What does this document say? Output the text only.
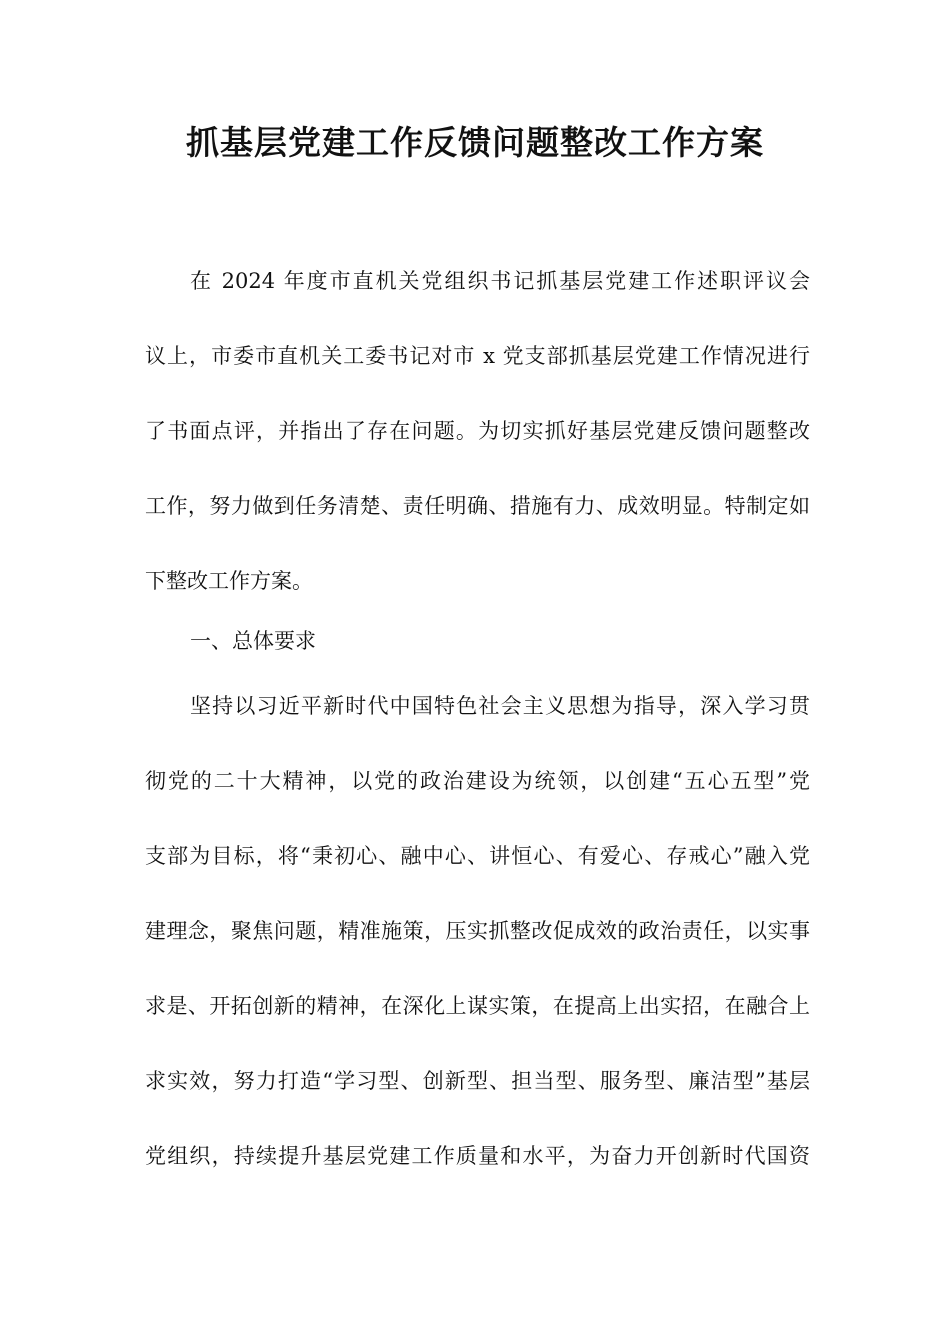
抓基层党建工作反馈问题整改工作方案
在 2024 年度市直机关党组织书记抓基层党建工作述职评议会
议上，市委市直机关工委书记对市 x 党支部抓基层党建工作情况进行
了书面点评，并指出了存在问题。为切实抓好基层党建反馈问题整改
工作，努力做到任务清楚、责任明确、措施有力、成效明显。特制定如
下整改工作方案。
一、总体要求
坚持以习近平新时代中国特色社会主义思想为指导，深入学习贯
彻党的二十大精神，以党的政治建设为统领，以创建“五心五型”党
支部为目标，将“秉初心、融中心、讲恒心、有爱心、存戒心”融入党
建理念，聚焦问题，精准施策，压实抓整改促成效的政治责任，以实事
求是、开拓创新的精神，在深化上谋实策，在提高上出实招，在融合上
求实效，努力打造“学习型、创新型、担当型、服务型、廉洁型”基层
党组织，持续提升基层党建工作质量和水平，为奋力开创新时代国资
